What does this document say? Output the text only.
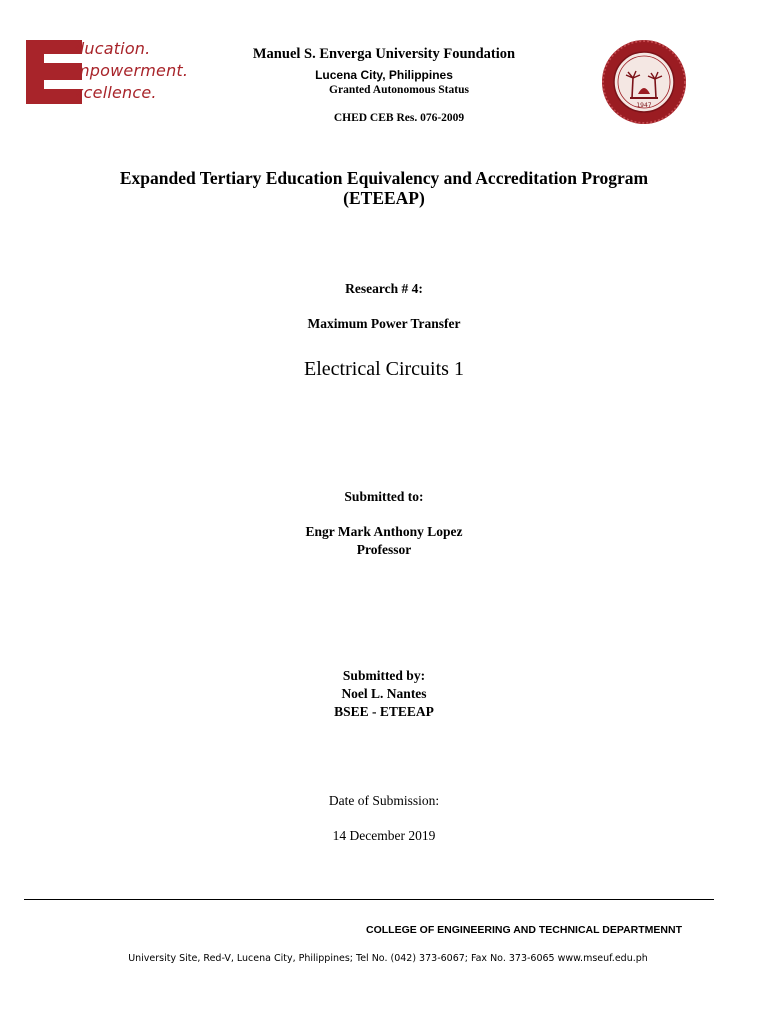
ducation.
mpowerment.
xcellence.
1947
Manuel S. Enverga University Foundation
Lucena City, Philippines
Granted Autonomous Status
CHED CEB Res. 076-2009
Expanded Tertiary Education Equivalency and Accreditation Program
(ETEEAP)
Research # 4:
Maximum Power Transfer
Electrical Circuits 1
Submitted to:
Engr Mark Anthony Lopez
Professor
Submitted by:
Noel L. Nantes
BSEE - ETEEAP
Date of Submission:
14 December 2019
COLLEGE OF ENGINEERING AND TECHNICAL DEPARTMENNT
University Site, Red-V, Lucena City, Philippines; Tel No. (042) 373-6067; Fax No. 373-6065 www.mseuf.edu.ph
